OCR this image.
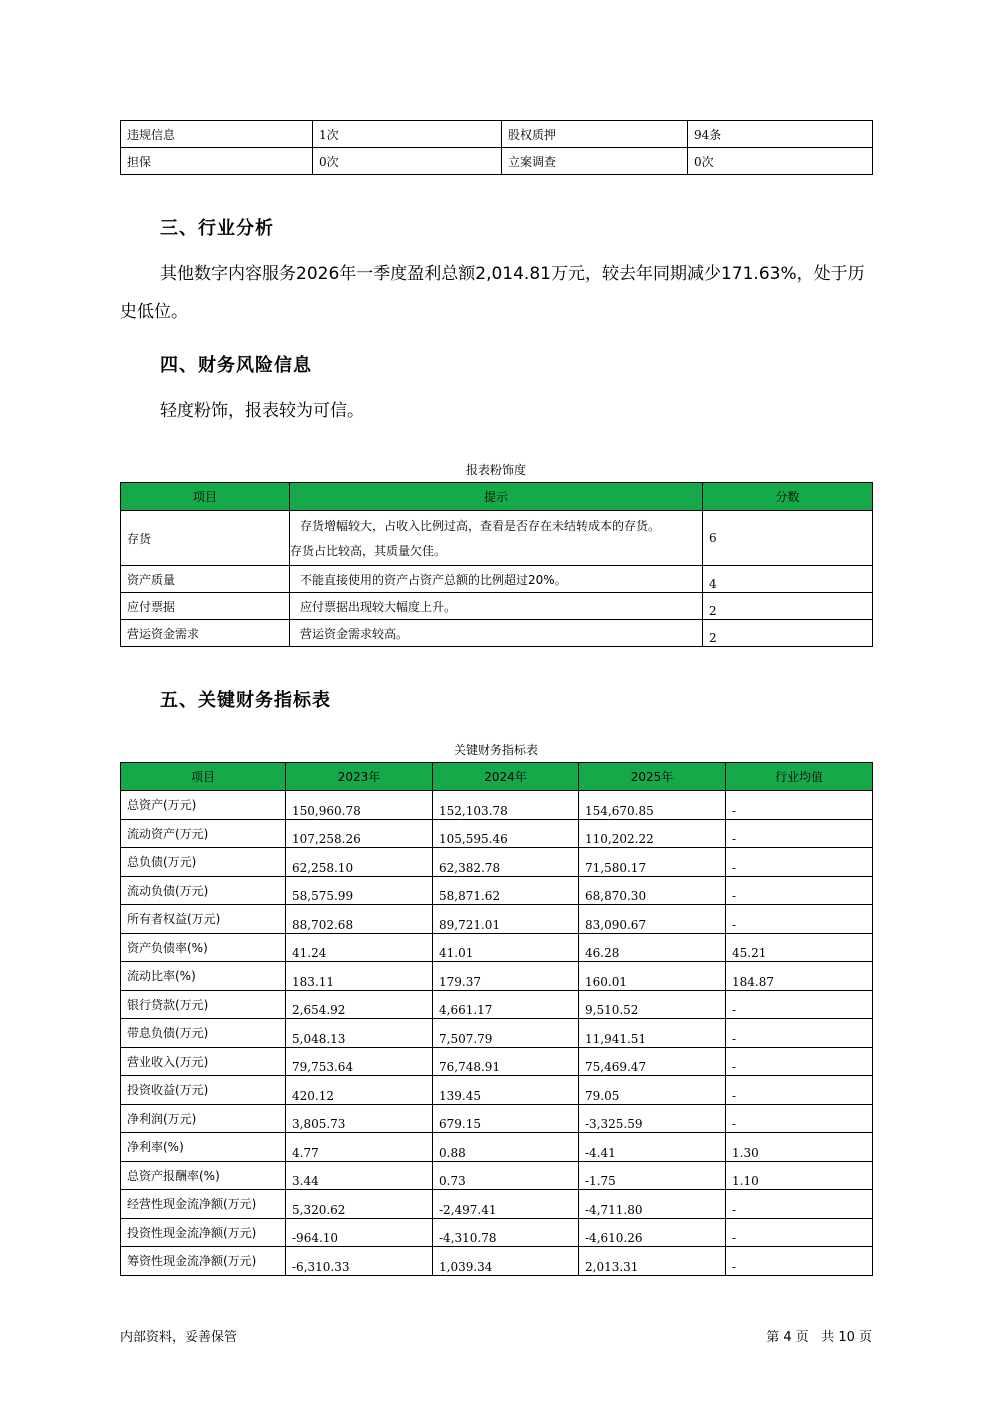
违规信息	1次	股权质押	94条
担保	0次	立案调查	0次
三、行业分析
其他数字内容服务2026年一季度盈利总额2,014.81万元，较去年同期减少171.63%，处于历
史低位。
四、财务风险信息
轻度粉饰，报表较为可信。
报表粉饰度
项目	提示	分数
存货	存货增幅较大，占收入比例过高，查看是否存在未结转成本的存货。
存货占比较高，其质量欠佳。	6
资产质量	不能直接使用的资产占资产总额的比例超过20%。	4
应付票据	应付票据出现较大幅度上升。	2
营运资金需求	营运资金需求较高。	2
五、关键财务指标表
关键财务指标表
项目	2023年	2024年	2025年	行业均值
总资产(万元)	150,960.78	152,103.78	154,670.85	-
流动资产(万元)	107,258.26	105,595.46	110,202.22	-
总负债(万元)	62,258.10	62,382.78	71,580.17	-
流动负债(万元)	58,575.99	58,871.62	68,870.30	-
所有者权益(万元)	88,702.68	89,721.01	83,090.67	-
资产负债率(%)	41.24	41.01	46.28	45.21
流动比率(%)	183.11	179.37	160.01	184.87
银行贷款(万元)	2,654.92	4,661.17	9,510.52	-
带息负债(万元)	5,048.13	7,507.79	11,941.51	-
营业收入(万元)	79,753.64	76,748.91	75,469.47	-
投资收益(万元)	420.12	139.45	79.05	-
净利润(万元)	3,805.73	679.15	-3,325.59	-
净利率(%)	4.77	0.88	-4.41	1.30
总资产报酬率(%)	3.44	0.73	-1.75	1.10
经营性现金流净额(万元)	5,320.62	-2,497.41	-4,711.80	-
投资性现金流净额(万元)	-964.10	-4,310.78	-4,610.26	-
筹资性现金流净额(万元)	-6,310.33	1,039.34	2,013.31	-
内部资料，妥善保管	第 4 页   共 10 页
